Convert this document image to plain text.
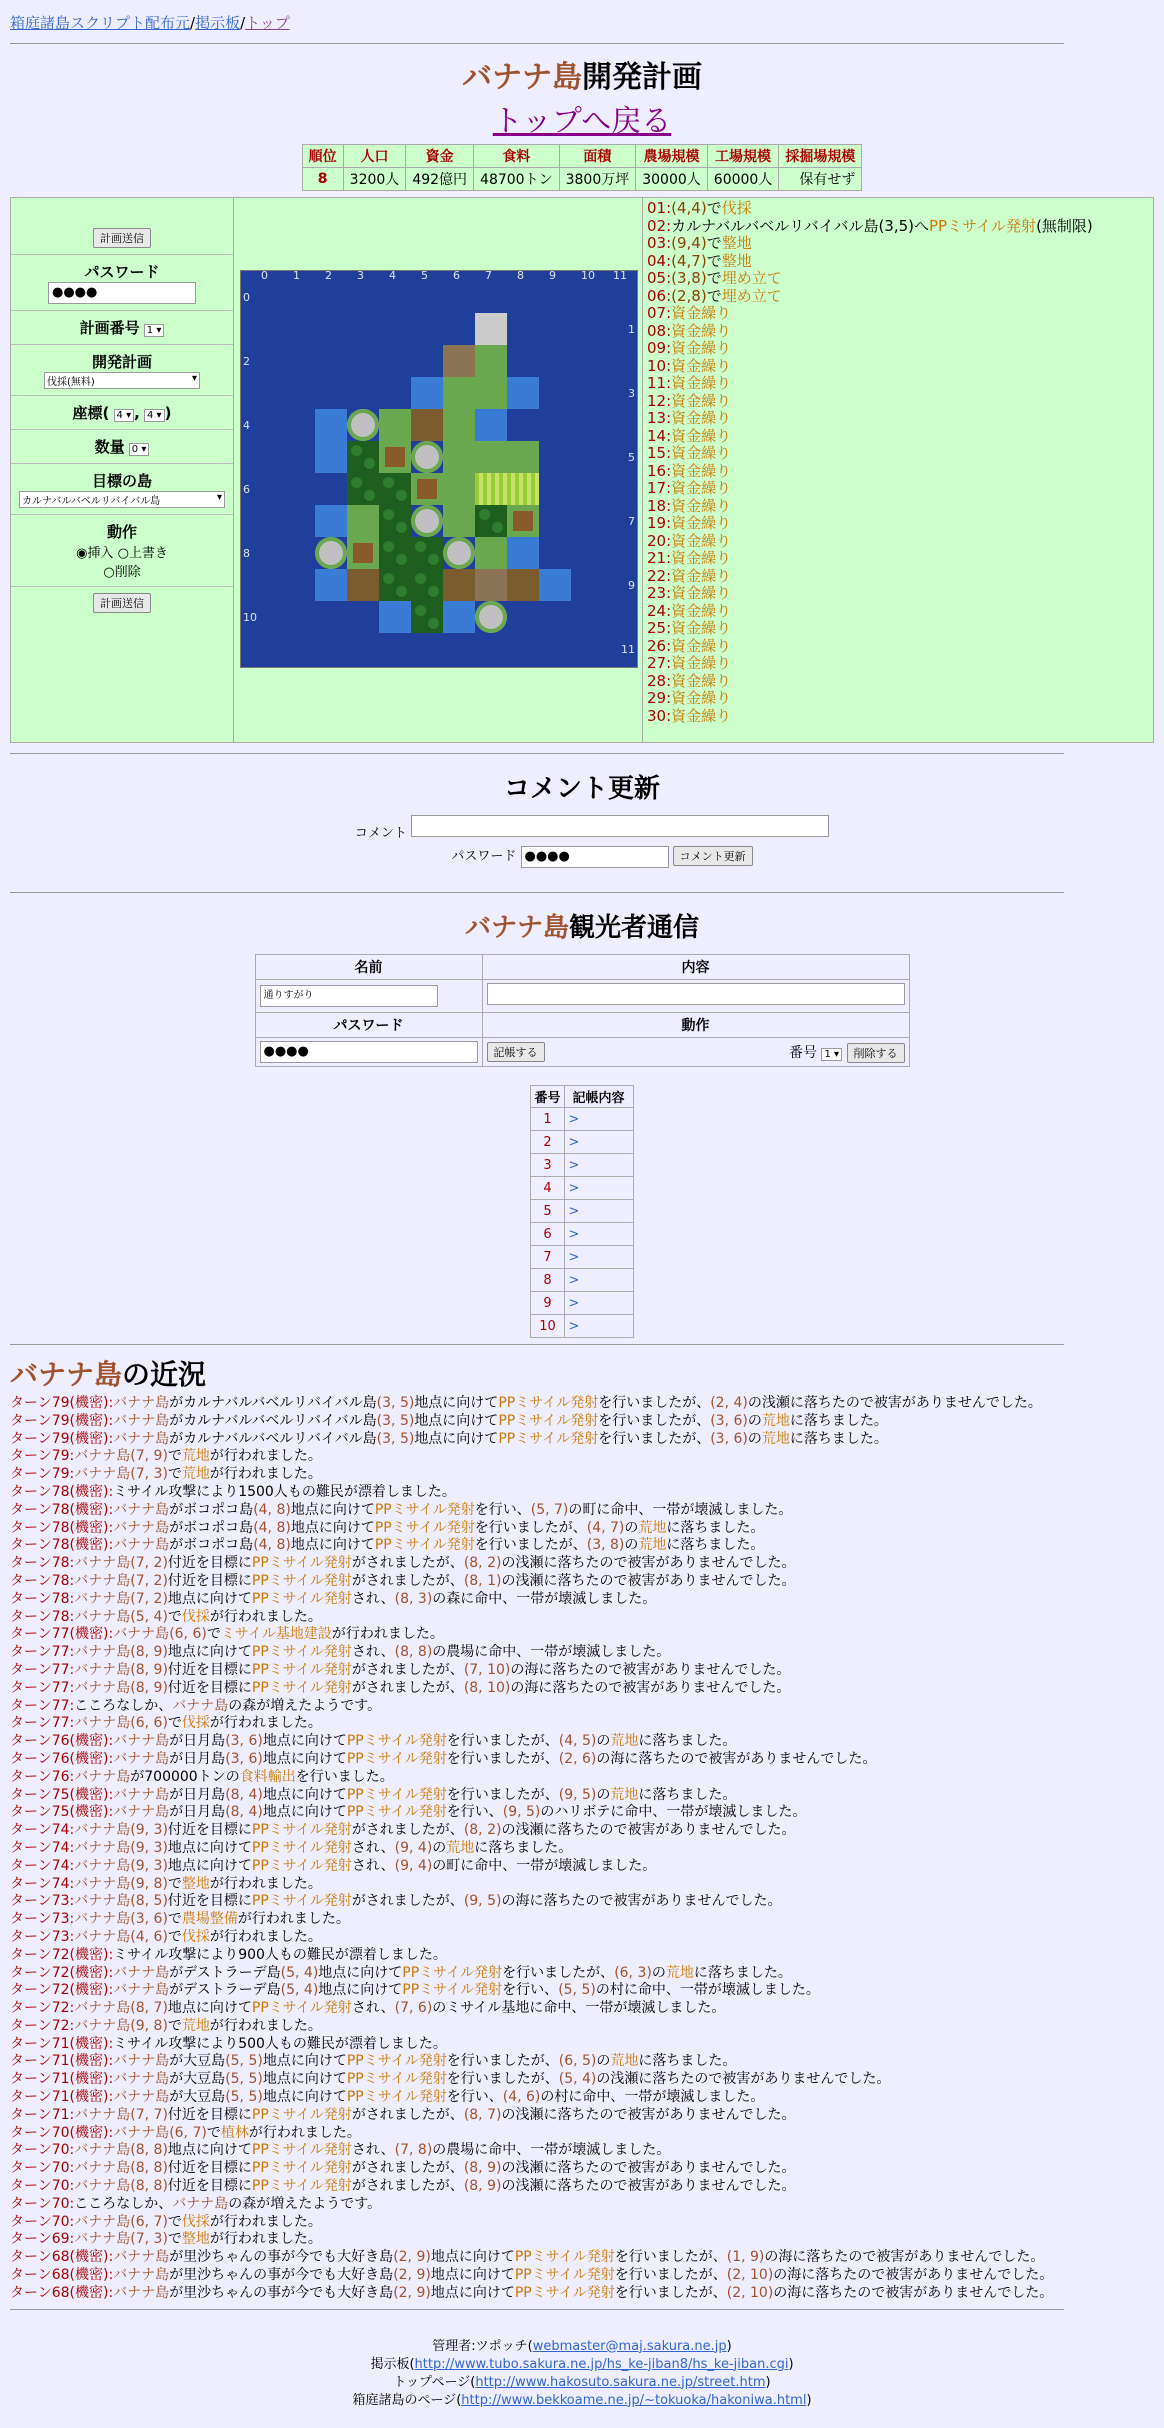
箱庭諸島スクリプト配布元/掲示板/トップ
バナナ島開発計画
トップへ戻る
順位	人口	資金	食料	面積	農場規模	工場規模	採掘場規模
8	3200人	492億円	48700トン	3800万坪	30000人	60000人	保有せず
計画送信
パスワード
●●●●
計画番号 1 ▾
開発計画
伐採(無料)	▾
座標( 4 ▾ , 4 ▾ )
数量 0 ▾
目標の島
カルナバルバベルリバイバル島	▾
動作
◉挿入 ○上書き
○削除
計画送信
0 1 2 3 4 5 6 7 8 9 10 11
0
1
2
3
4
5
6
7
8
9
10
11
01:(4,4)で伐採
02:カルナバルバベルリバイバル島(3,5)へPPミサイル発射(無制限)
03:(9,4)で整地
04:(4,7)で整地
05:(3,8)で埋め立て
06:(2,8)で埋め立て
07:資金繰り
08:資金繰り
09:資金繰り
10:資金繰り
11:資金繰り
12:資金繰り
13:資金繰り
14:資金繰り
15:資金繰り
16:資金繰り
17:資金繰り
18:資金繰り
19:資金繰り
20:資金繰り
21:資金繰り
22:資金繰り
23:資金繰り
24:資金繰り
25:資金繰り
26:資金繰り
27:資金繰り
28:資金繰り
29:資金繰り
30:資金繰り
コメント更新
コメント
パスワード ●●●●	コメント更新
バナナ島観光者通信
名前	内容
通りすがり	
パスワード	動作
●●●●	記帳する 番号 1 ▾ 削除する
番号	記帳内容
1	>
2	>
3	>
4	>
5	>
6	>
7	>
8	>
9	>
10	>
バナナ島の近況
ターン79(機密):バナナ島がカルナバルバベルリバイバル島(3, 5)地点に向けてPPミサイル発射を行いましたが、(2, 4)の浅瀬に落ちたので被害がありませんでした。
ターン79(機密):バナナ島がカルナバルバベルリバイバル島(3, 5)地点に向けてPPミサイル発射を行いましたが、(3, 6)の荒地に落ちました。
ターン79(機密):バナナ島がカルナバルバベルリバイバル島(3, 5)地点に向けてPPミサイル発射を行いましたが、(3, 6)の荒地に落ちました。
ターン79:バナナ島(7, 9)で荒地が行われました。
ターン79:バナナ島(7, 3)で荒地が行われました。
ターン78(機密):ミサイル攻撃により1500人もの難民が漂着しました。
ターン78(機密):バナナ島がボコポコ島(4, 8)地点に向けてPPミサイル発射を行い、(5, 7)の町に命中、一帯が壊滅しました。
ターン78(機密):バナナ島がボコポコ島(4, 8)地点に向けてPPミサイル発射を行いましたが、(4, 7)の荒地に落ちました。
ターン78(機密):バナナ島がボコポコ島(4, 8)地点に向けてPPミサイル発射を行いましたが、(3, 8)の荒地に落ちました。
ターン78:バナナ島(7, 2)付近を目標にPPミサイル発射がされましたが、(8, 2)の浅瀬に落ちたので被害がありませんでした。
ターン78:バナナ島(7, 2)付近を目標にPPミサイル発射がされましたが、(8, 1)の浅瀬に落ちたので被害がありませんでした。
ターン78:バナナ島(7, 2)地点に向けてPPミサイル発射され、(8, 3)の森に命中、一帯が壊滅しました。
ターン78:バナナ島(5, 4)で伐採が行われました。
ターン77(機密):バナナ島(6, 6)でミサイル基地建設が行われました。
ターン77:バナナ島(8, 9)地点に向けてPPミサイル発射され、(8, 8)の農場に命中、一帯が壊滅しました。
ターン77:バナナ島(8, 9)付近を目標にPPミサイル発射がされましたが、(7, 10)の海に落ちたので被害がありませんでした。
ターン77:バナナ島(8, 9)付近を目標にPPミサイル発射がされましたが、(8, 10)の海に落ちたので被害がありませんでした。
ターン77:こころなしか、バナナ島の森が増えたようです。
ターン77:バナナ島(6, 6)で伐採が行われました。
ターン76(機密):バナナ島が日月島(3, 6)地点に向けてPPミサイル発射を行いましたが、(4, 5)の荒地に落ちました。
ターン76(機密):バナナ島が日月島(3, 6)地点に向けてPPミサイル発射を行いましたが、(2, 6)の海に落ちたので被害がありませんでした。
ターン76:バナナ島が700000トンの食料輸出を行いました。
ターン75(機密):バナナ島が日月島(8, 4)地点に向けてPPミサイル発射を行いましたが、(9, 5)の荒地に落ちました。
ターン75(機密):バナナ島が日月島(8, 4)地点に向けてPPミサイル発射を行い、(9, 5)のハリボテに命中、一帯が壊滅しました。
ターン74:バナナ島(9, 3)付近を目標にPPミサイル発射がされましたが、(8, 2)の浅瀬に落ちたので被害がありませんでした。
ターン74:バナナ島(9, 3)地点に向けてPPミサイル発射され、(9, 4)の荒地に落ちました。
ターン74:バナナ島(9, 3)地点に向けてPPミサイル発射され、(9, 4)の町に命中、一帯が壊滅しました。
ターン74:バナナ島(9, 8)で整地が行われました。
ターン73:バナナ島(8, 5)付近を目標にPPミサイル発射がされましたが、(9, 5)の海に落ちたので被害がありませんでした。
ターン73:バナナ島(3, 6)で農場整備が行われました。
ターン73:バナナ島(4, 6)で伐採が行われました。
ターン72(機密):ミサイル攻撃により900人もの難民が漂着しました。
ターン72(機密):バナナ島がデストラーデ島(5, 4)地点に向けてPPミサイル発射を行いましたが、(6, 3)の荒地に落ちました。
ターン72(機密):バナナ島がデストラーデ島(5, 4)地点に向けてPPミサイル発射を行い、(5, 5)の村に命中、一帯が壊滅しました。
ターン72:バナナ島(8, 7)地点に向けてPPミサイル発射され、(7, 6)のミサイル基地に命中、一帯が壊滅しました。
ターン72:バナナ島(9, 8)で荒地が行われました。
ターン71(機密):ミサイル攻撃により500人もの難民が漂着しました。
ターン71(機密):バナナ島が大豆島(5, 5)地点に向けてPPミサイル発射を行いましたが、(6, 5)の荒地に落ちました。
ターン71(機密):バナナ島が大豆島(5, 5)地点に向けてPPミサイル発射を行いましたが、(5, 4)の浅瀬に落ちたので被害がありませんでした。
ターン71(機密):バナナ島が大豆島(5, 5)地点に向けてPPミサイル発射を行い、(4, 6)の村に命中、一帯が壊滅しました。
ターン71:バナナ島(7, 7)付近を目標にPPミサイル発射がされましたが、(8, 7)の浅瀬に落ちたので被害がありませんでした。
ターン70(機密):バナナ島(6, 7)で植林が行われました。
ターン70:バナナ島(8, 8)地点に向けてPPミサイル発射され、(7, 8)の農場に命中、一帯が壊滅しました。
ターン70:バナナ島(8, 8)付近を目標にPPミサイル発射がされましたが、(8, 9)の浅瀬に落ちたので被害がありませんでした。
ターン70:バナナ島(8, 8)付近を目標にPPミサイル発射がされましたが、(8, 9)の浅瀬に落ちたので被害がありませんでした。
ターン70:こころなしか、バナナ島の森が増えたようです。
ターン70:バナナ島(6, 7)で伐採が行われました。
ターン69:バナナ島(7, 3)で整地が行われました。
ターン68(機密):バナナ島が里沙ちゃんの事が今でも大好き島(2, 9)地点に向けてPPミサイル発射を行いましたが、(1, 9)の海に落ちたので被害がありませんでした。
ターン68(機密):バナナ島が里沙ちゃんの事が今でも大好き島(2, 9)地点に向けてPPミサイル発射を行いましたが、(2, 10)の海に落ちたので被害がありませんでした。
ターン68(機密):バナナ島が里沙ちゃんの事が今でも大好き島(2, 9)地点に向けてPPミサイル発射を行いましたが、(2, 10)の海に落ちたので被害がありませんでした。
管理者:ツポッチ(webmaster@maj.sakura.ne.jp)
掲示板(http://www.tubo.sakura.ne.jp/hs_ke-jiban8/hs_ke-jiban.cgi)
トップページ(http://www.hakosuto.sakura.ne.jp/street.htm)
箱庭諸島のページ(http://www.bekkoame.ne.jp/~tokuoka/hakoniwa.html)
